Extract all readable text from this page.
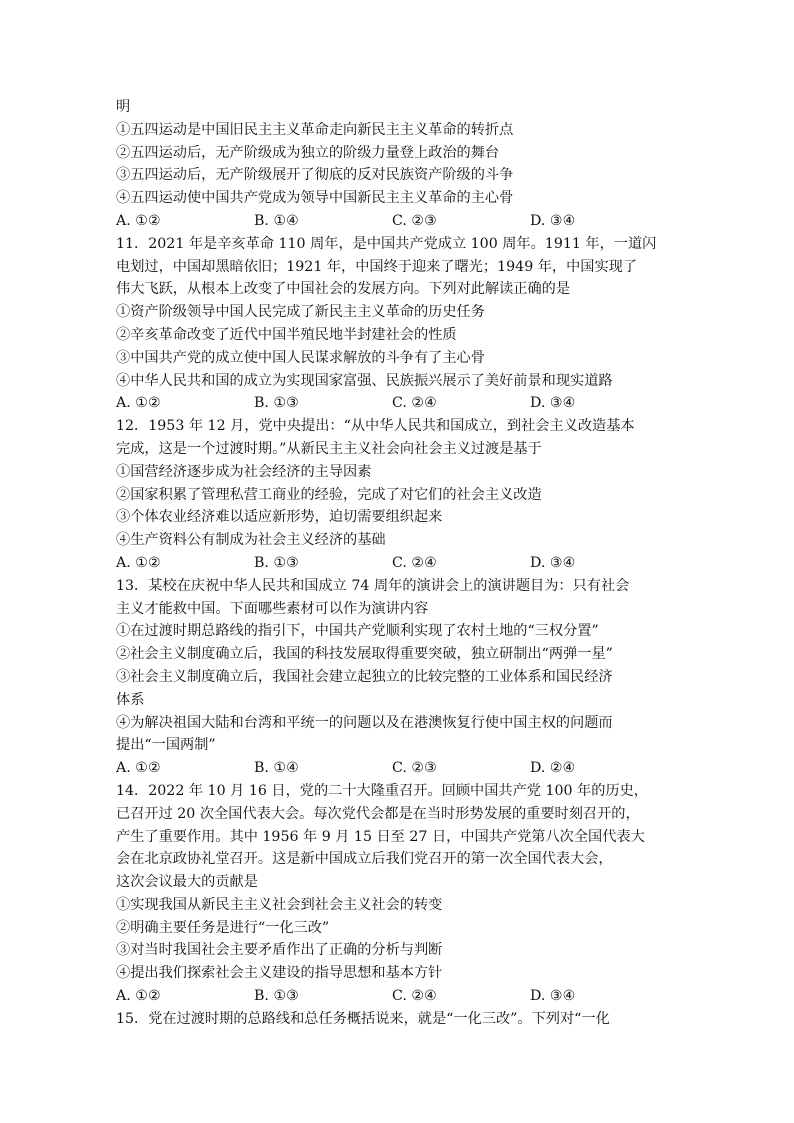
明
①五四运动是中国旧民主主义革命走向新民主主义革命的转折点
②五四运动后，无产阶级成为独立的阶级力量登上政治的舞台
③五四运动后，无产阶级展开了彻底的反对民族资产阶级的斗争
④五四运动使中国共产党成为领导中国新民主主义革命的主心骨
A. ①②	B. ①④	C. ②③	D. ③④
11．2021 年是辛亥革命 110 周年，是中国共产党成立 100 周年。1911 年，一道闪
电划过，中国却黑暗依旧；1921 年，中国终于迎来了曙光；1949 年，中国实现了
伟大飞跃，从根本上改变了中国社会的发展方向。下列对此解读正确的是
①资产阶级领导中国人民完成了新民主主义革命的历史任务
②辛亥革命改变了近代中国半殖民地半封建社会的性质
③中国共产党的成立使中国人民谋求解放的斗争有了主心骨
④中华人民共和国的成立为实现国家富强、民族振兴展示了美好前景和现实道路
A. ①②	B. ①③	C. ②④	D. ③④
12．1953 年 12 月，党中央提出：“从中华人民共和国成立，到社会主义改造基本
完成，这是一个过渡时期。”从新民主主义社会向社会主义过渡是基于
①国营经济逐步成为社会经济的主导因素
②国家积累了管理私营工商业的经验，完成了对它们的社会主义改造
③个体农业经济难以适应新形势，迫切需要组织起来
④生产资料公有制成为社会主义经济的基础
A. ①②	B. ①③	C. ②④	D. ③④
13．某校在庆祝中华人民共和国成立 74 周年的演讲会上的演讲题目为：只有社会
主义才能救中国。下面哪些素材可以作为演讲内容
①在过渡时期总路线的指引下，中国共产党顺利实现了农村土地的“三权分置”
②社会主义制度确立后，我国的科技发展取得重要突破，独立研制出“两弹一星”
③社会主义制度确立后，我国社会建立起独立的比较完整的工业体系和国民经济
体系
④为解决祖国大陆和台湾和平统一的问题以及在港澳恢复行使中国主权的问题而
提出“一国两制”
A. ①②	B. ①④	C. ②③	D. ②④
14．2022 年 10 月 16 日，党的二十大隆重召开。回顾中国共产党 100 年的历史，
已召开过 20 次全国代表大会。每次党代会都是在当时形势发展的重要时刻召开的，
产生了重要作用。其中 1956 年 9 月 15 日至 27 日，中国共产党第八次全国代表大
会在北京政协礼堂召开。这是新中国成立后我们党召开的第一次全国代表大会，
这次会议最大的贡献是
①实现我国从新民主主义社会到社会主义社会的转变
②明确主要任务是进行“一化三改”
③对当时我国社会主要矛盾作出了正确的分析与判断
④提出我们探索社会主义建设的指导思想和基本方针
A. ①②	B. ①③	C. ②④	D. ③④
15．党在过渡时期的总路线和总任务概括说来，就是“一化三改”。下列对“一化
